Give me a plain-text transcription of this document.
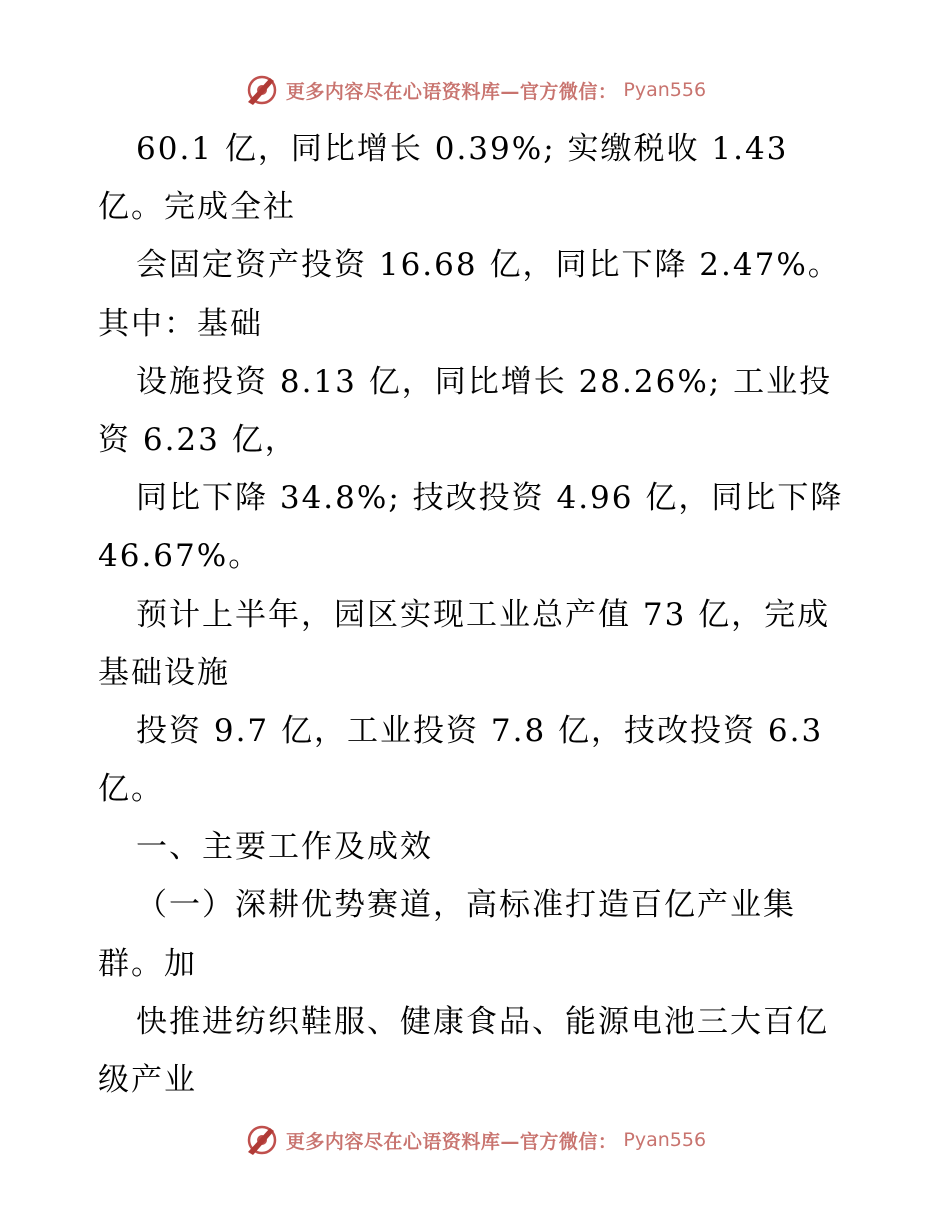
更多内容尽在心语资料库—官方微信： Pyan556

60.1 亿，同比增长 0.39%; 实缴税收 1.43

亿。完成全社

会固定资产投资 16.68 亿，同比下降 2.47%。

其中：基础

设施投资 8.13 亿，同比增长 28.26%; 工业投

资 6.23 亿，

同比下降 34.8%; 技改投资 4.96 亿，同比下降

46.67%。

预计上半年，园区实现工业总产值 73 亿，完成

基础设施

投资 9.7 亿，工业投资 7.8 亿，技改投资 6.3

亿。

一、主要工作及成效

（一）深耕优势赛道，高标准打造百亿产业集

群。加

快推进纺织鞋服、健康食品、能源电池三大百亿

级产业

更多内容尽在心语资料库—官方微信： Pyan556
